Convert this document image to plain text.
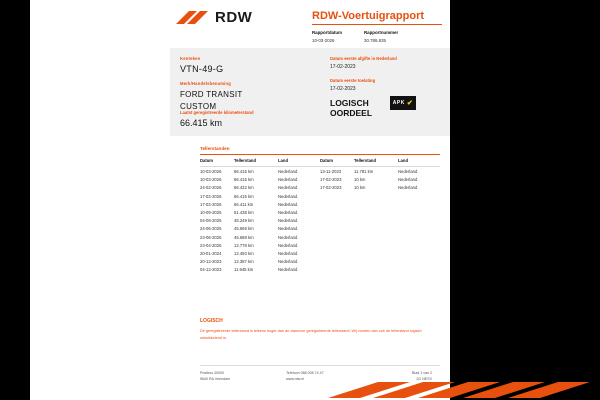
RDW	RDW-Voertuigrapport
Rapportdatum
10-03-2026
Rapportnummer
30.786.835
Kenteken
VTN-49-G
Merk/Handelsbenaming
FORD TRANSIT
CUSTOM
Laatst geregistreerde kilometerstand
66.415 km
Datum eerste afgifte in Nederland
17-02-2023
Datum eerste toelating
17-02-2023
LOGISCH
OORDEEL
APK ✔
Tellerstanden
Datum	Tellerstand	Land
10-03-2026	66.415 km	Nederland
10-03-2026	66.415 km	Nederland
24-02-2026	66.422 km	Nederland
17-02-2026	66.415 km	Nederland
17-02-2026	66.411 km	Nederland
10-09-2025	51.438 km	Nederland
04-08-2025	48.249 km	Nederland
24-06-2025	45.669 km	Nederland
23-06-2025	45.668 km	Nederland
23-04-2025	12.778 km	Nederland
20-01-2024	12.493 km	Nederland
20-12-2023	12.387 km	Nederland
04-12-2023	11.945 km	Nederland
Datum	Tellerstand	Land
13-11-2023	11.781 km	Nederland
17-02-2023	10 km	Nederland
17-02-2023	10 km	Nederland
LOGISCH
De geregistreerde tellerstand is telkens hoger dan de daarvoor geregistreerde tellerstand. Wij vonden dan ook de tellerstand logisch ontwikkelend is.
Postbus 30000
9640 RA Veendam
Telefoon 088 008 74 47
www.rdw.nl
Blad 1 van 2
2G NESV
